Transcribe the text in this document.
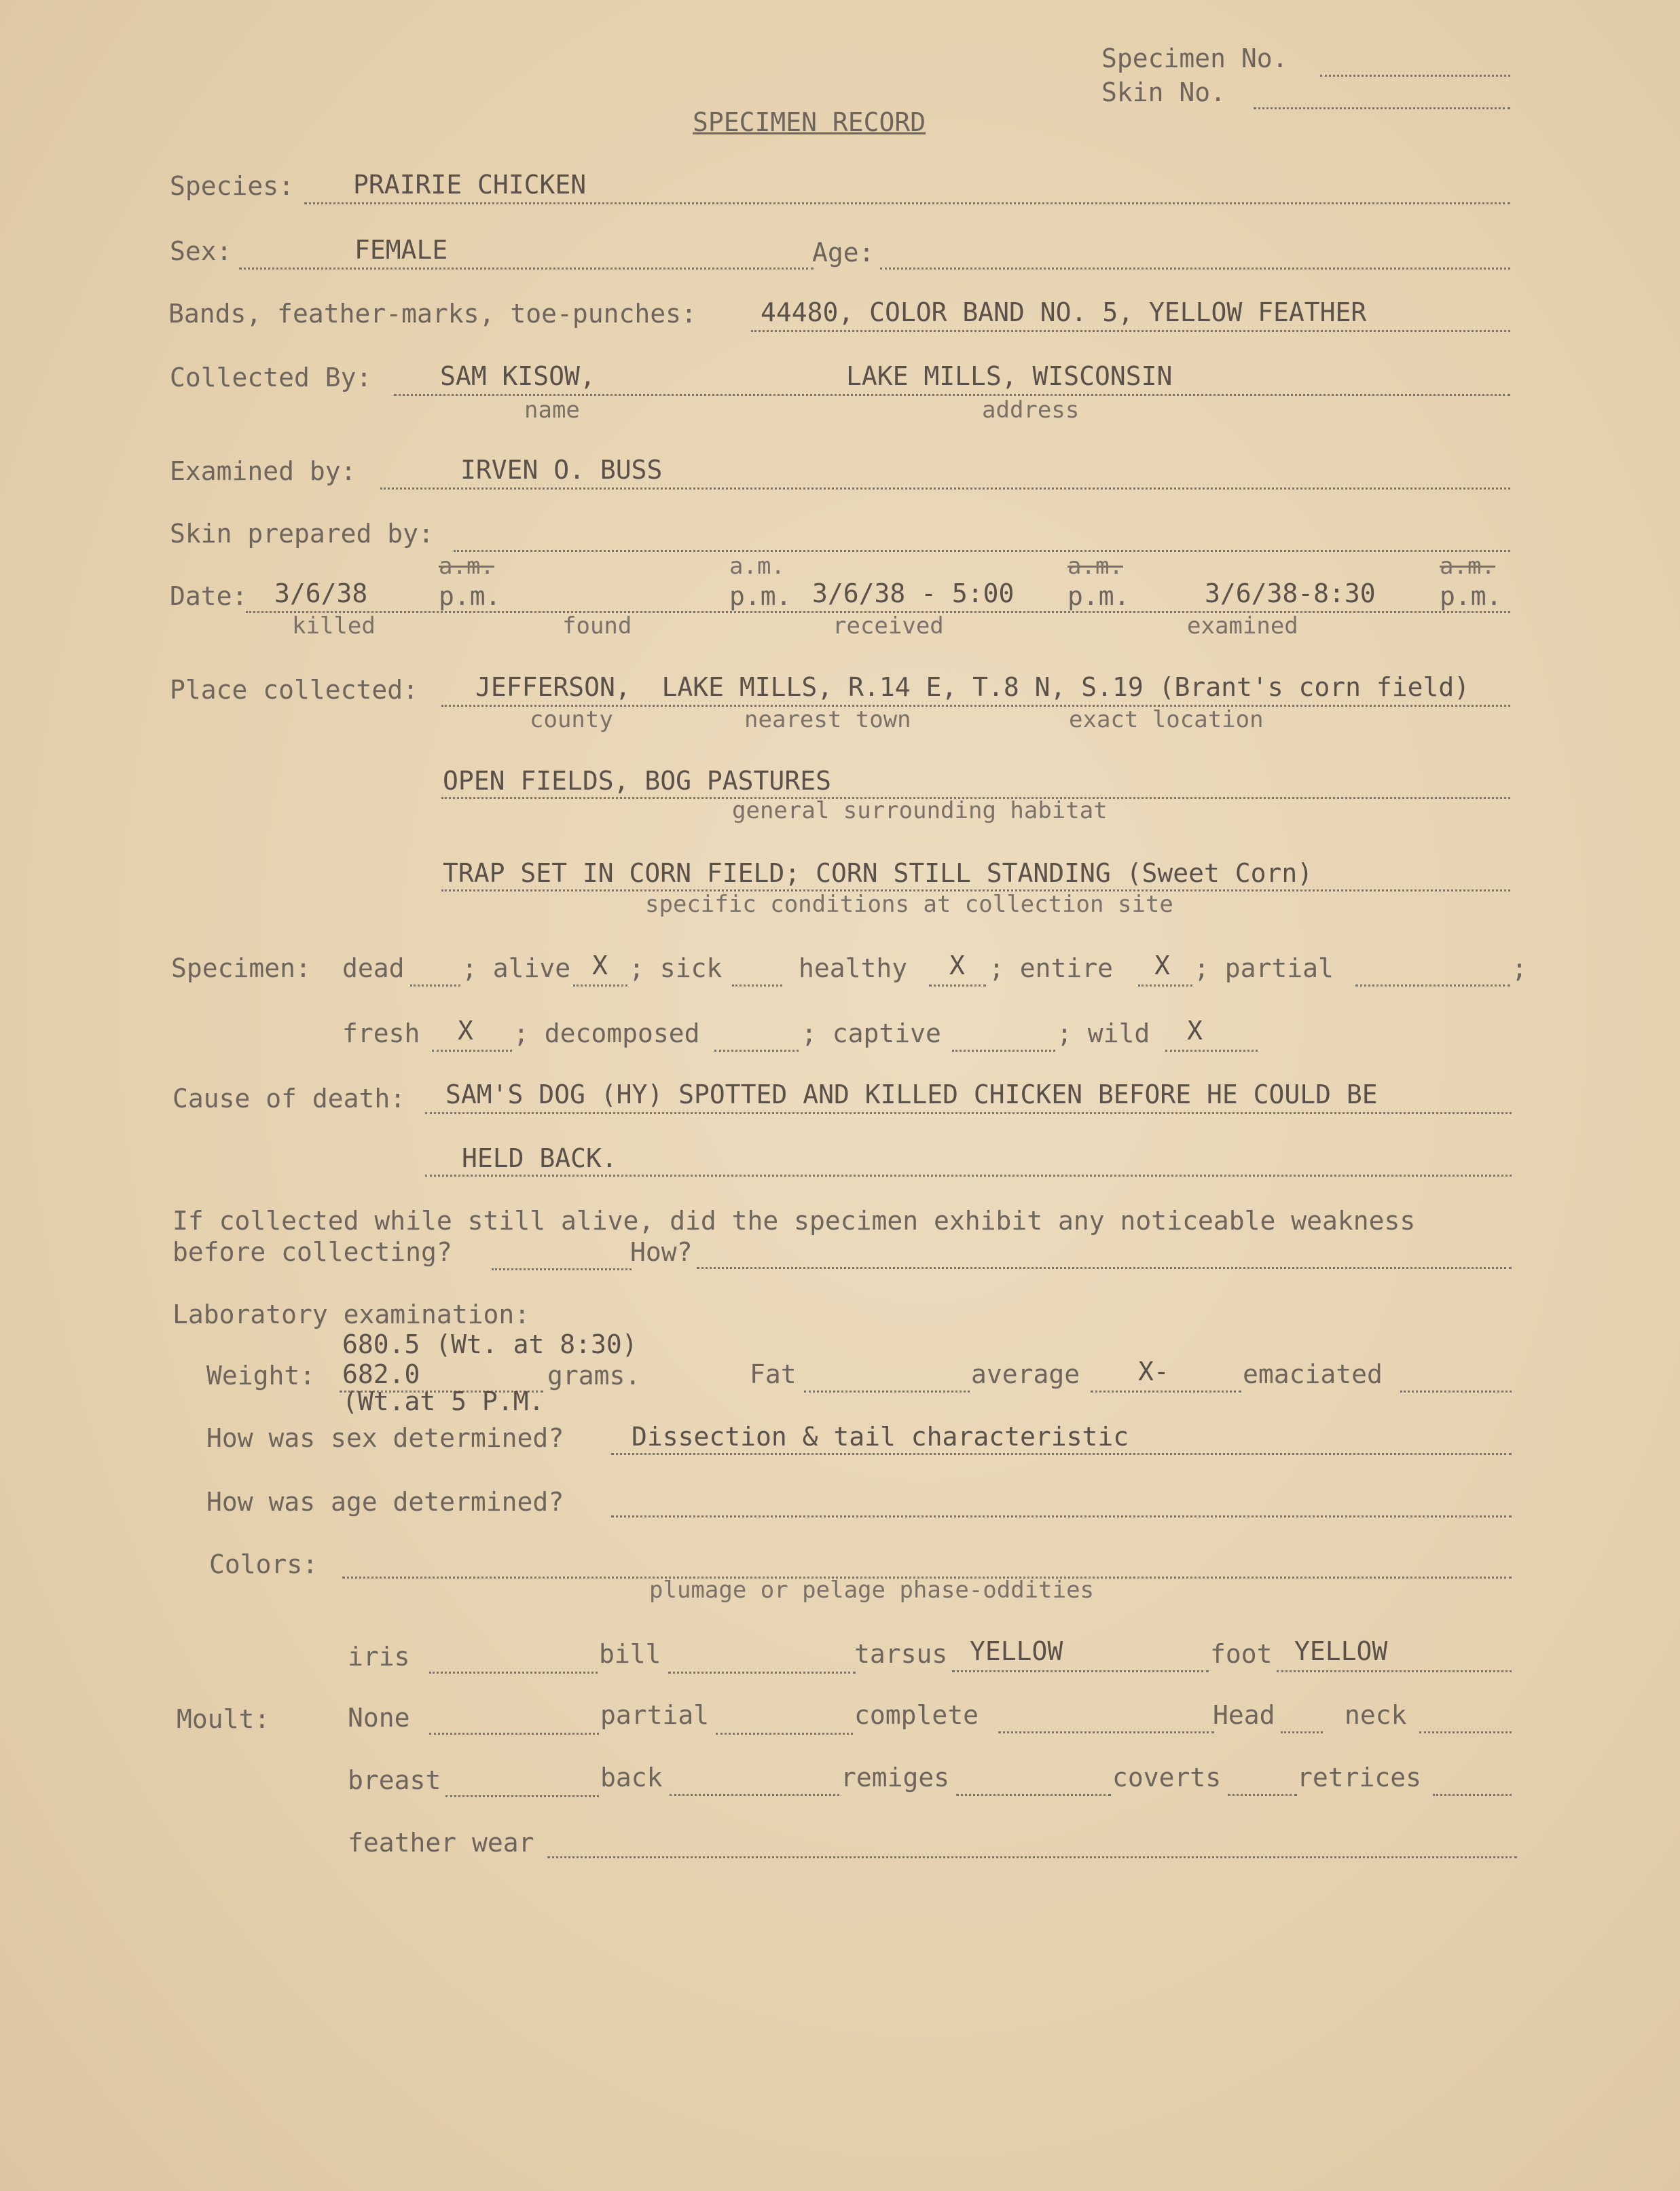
Specimen No.
Skin No.
SPECIMEN RECORD
Species: PRAIRIE CHICKEN
Sex:	FEMALE	Age:
Bands, feather-marks, toe-punches: 44480, COLOR BAND NO. 5, YELLOW FEATHER
Collected By:	SAM KISOW,	LAKE MILLS, WISCONSIN
name	address
Examined by:	IRVEN O. BUSS
Skin prepared by:
a.m.	a.m.	a.m.	a.m.
Date: 3/6/38	p.m.	p.m. 3/6/38 - 5:00 p.m.	3/6/38-8:30 p.m.
killed	found	received	examined
Place collected: JEFFERSON,  LAKE MILLS, R.14 E, T.8 N, S.19 (Brant's corn field)
county	nearest town	exact location
OPEN FIELDS, BOG PASTURES
general surrounding habitat
TRAP SET IN CORN FIELD; CORN STILL STANDING (Sweet Corn)
specific conditions at collection site
Specimen: dead ; alive X ; sick	healthy X ; entire X ; partial	;
fresh X ; decomposed	; captive	; wild X
Cause of death: SAM'S DOG (HY) SPOTTED AND KILLED CHICKEN BEFORE HE COULD BE
HELD BACK.
If collected while still alive, did the specimen exhibit any noticeable weakness
before collecting?	How?
Laboratory examination:
680.5 (Wt. at 8:30)
Weight: 682.0	grams.
(Wt.at 5 P.M.
Fat	average X-	emaciated
How was sex determined?	Dissection & tail characteristic
How was age determined?
Colors:
plumage or pelage phase-oddities
iris	bill	tarsus YELLOW	foot YELLOW
Moult:	None	partial	complete	Head	neck
breast	back	remiges	coverts	retrices
feather wear
